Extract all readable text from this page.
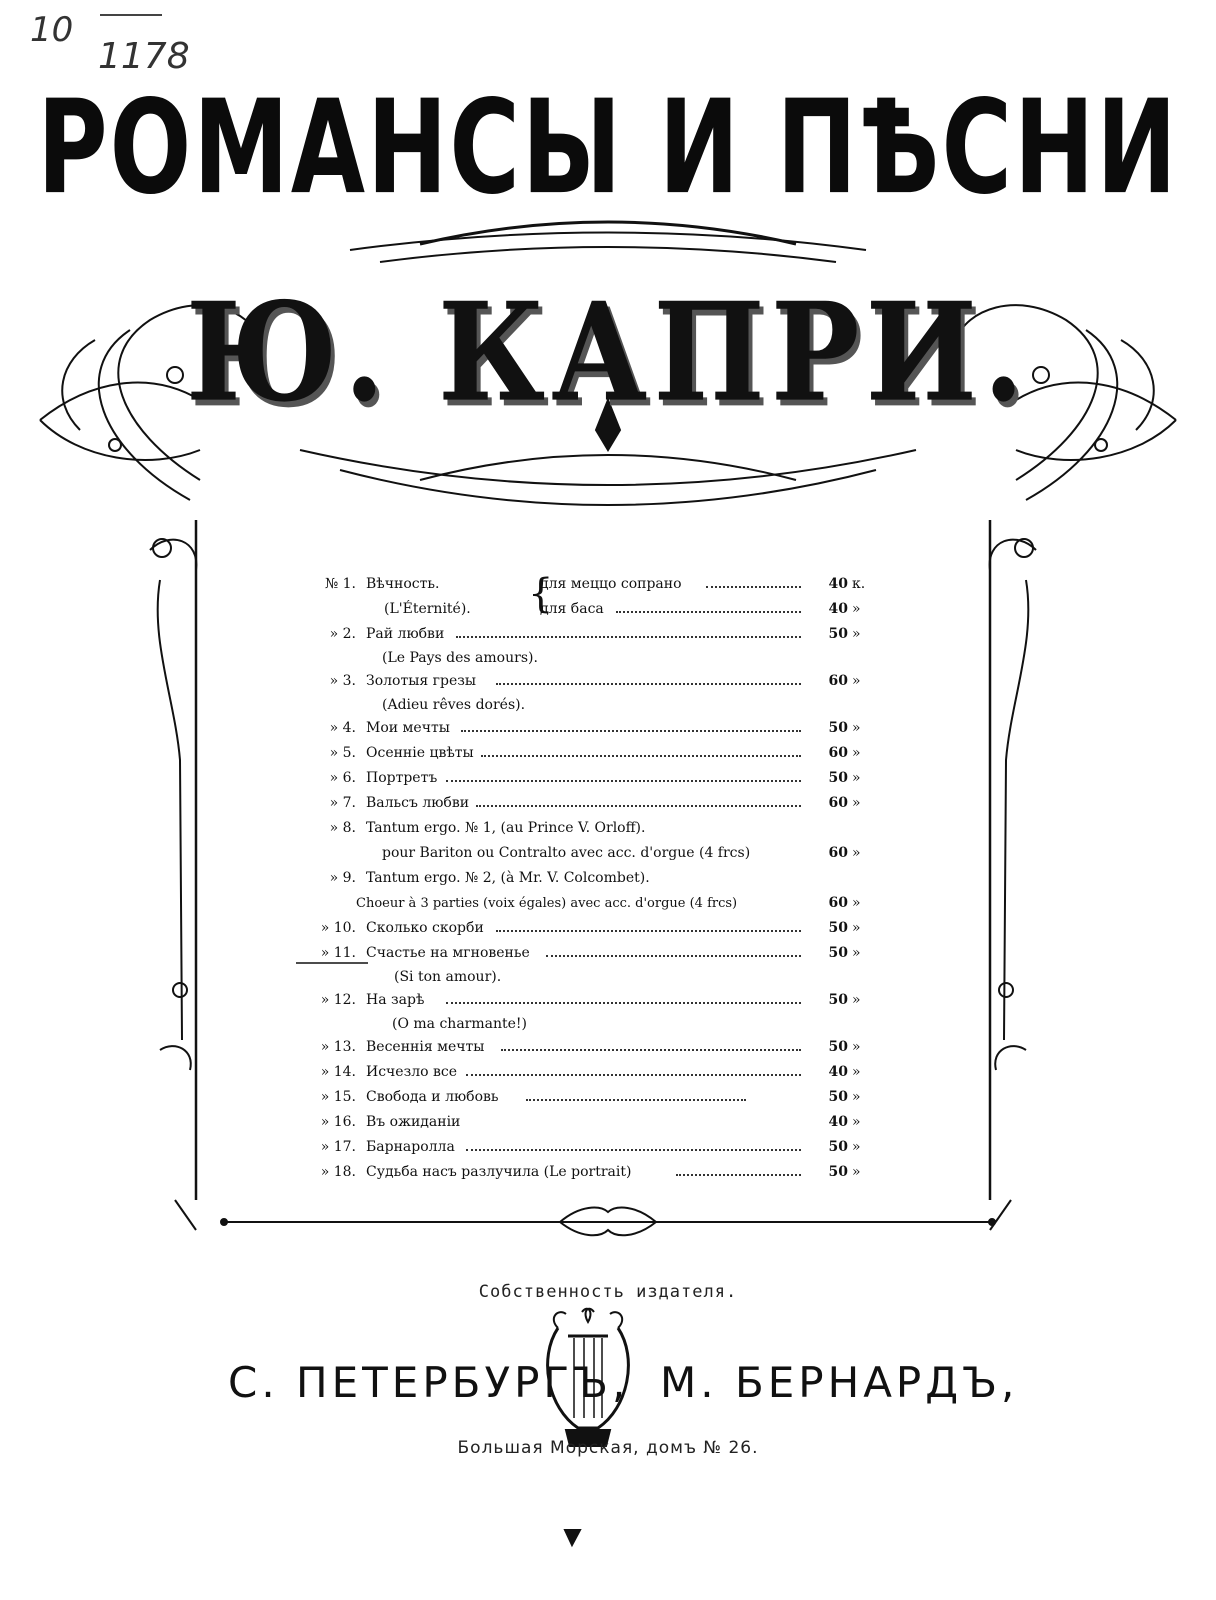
10
1178
РОМАНСЫ И ПѢСНИ
Ю. КАПРИ.
№ 1. Вѣчность. {
для меццо сопрано	40 к.
(L'Éternité).	для баса	40 »
» 2. Рай любви	50 »
(Le Pays des amours).
» 3. Золотыя грезы	60 »
(Adieu rêves dorés).
» 4. Мои мечты	50 »
» 5. Осеннiе цвѣты	60 »
» 6. Портретъ	50 »
» 7. Вальсъ любви	60 »
» 8. Tantum ergo. № 1, (au Prince V. Orloff).
pour Bariton ou Contralto avec acc. d'orgue (4 frcs)	60 »
» 9. Tantum ergo. № 2, (à Mr. V. Colcombet).
Choeur à 3 parties (voix égales) avec acc. d'orgue (4 frcs)	60 »
» 10. Сколько скорби	50 »
» 11. Счастье на мгновенье	50 »
(Si ton amour).
» 12. На зарѣ	50 »
(O ma charmante!)
» 13. Весеннiя мечты	50 »
» 14. Исчезло все	40 »
» 15. Свобода и любовь	50 »
» 16. Въ ожиданiи	40 »
» 17. Барнаролла	50 »
» 18. Судьба насъ разлучила (Le portrait)	50 »
Собственность издателя.
С. ПЕТЕРБУРГЪ, М. БЕРНАРДЪ,
Большая Морская, домъ № 26.
